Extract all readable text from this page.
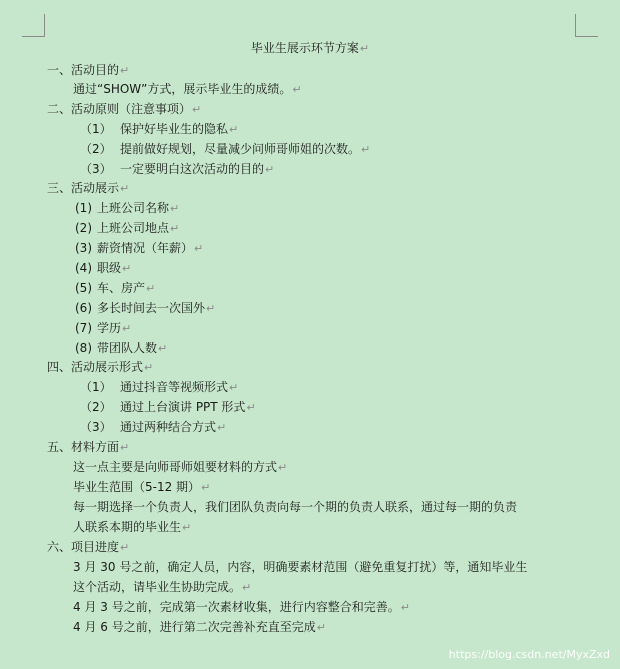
毕业生展示环节方案↵
一、活动目的↵
通过“SHOW”方式，展示毕业生的成绩。↵
二、活动原则（注意事项）↵
（1） 保护好毕业生的隐私↵
（2） 提前做好规划，尽量减少问师哥师姐的次数。↵
（3） 一定要明白这次活动的目的↵
三、活动展示↵
(1) 上班公司名称↵
(2) 上班公司地点↵
(3) 薪资情况（年薪）↵
(4) 职级↵
(5) 车、房产↵
(6) 多长时间去一次国外↵
(7) 学历↵
(8) 带团队人数↵
四、活动展示形式↵
（1） 通过抖音等视频形式↵
（2） 通过上台演讲 PPT 形式↵
（3） 通过两种结合方式↵
五、材料方面↵
这一点主要是向师哥师姐要材料的方式↵
毕业生范围（5-12 期）↵
每一期选择一个负责人，我们团队负责向每一个期的负责人联系，通过每一期的负责
人联系本期的毕业生↵
六、项目进度↵
3 月 30 号之前，确定人员，内容，明确要素材范围（避免重复打扰）等，通知毕业生
这个活动，请毕业生协助完成。↵
4 月 3 号之前，完成第一次素材收集，进行内容整合和完善。↵
4 月 6 号之前，进行第二次完善补充直至完成↵
https://blog.csdn.net/MyxZxd
